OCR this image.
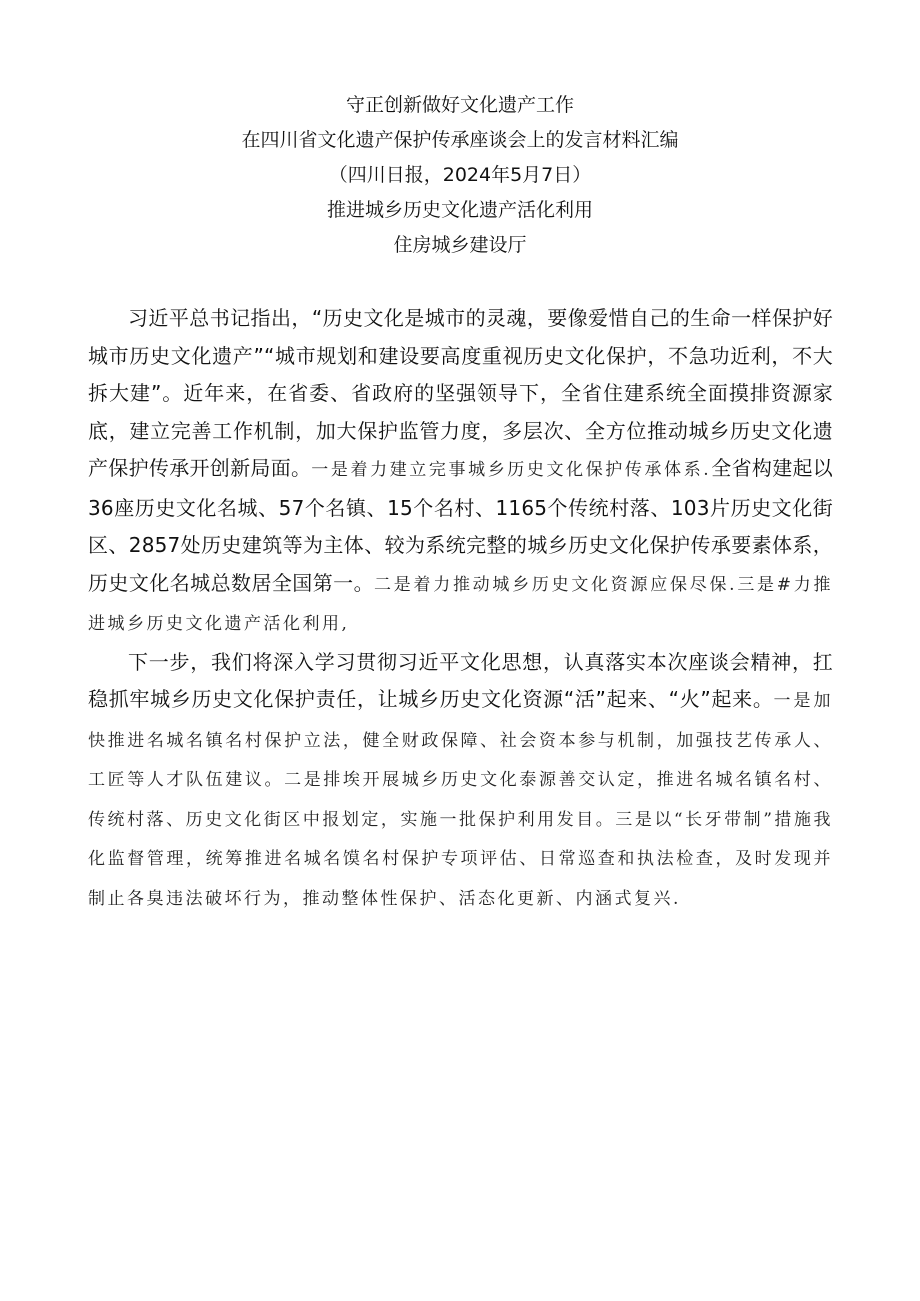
守正创新做好文化遗产工作
在四川省文化遗产保护传承座谈会上的发言材料汇编
（四川日报，2024年5月7日）
推进城乡历史文化遗产活化利用
住房城乡建设厅

习近平总书记指出，“历史文化是城市的灵魂，要像爱惜自己的生命一样保护好城市历史文化遗产”“城市规划和建设要高度重视历史文化保护，不急功近利，不大拆大建”。近年来，在省委、省政府的坚强领导下，全省住建系统全面摸排资源家底，建立完善工作机制，加大保护监管力度，多层次、全方位推动城乡历史文化遗产保护传承开创新局面。一是着力建立完事城乡历史文化保护传承体系.全省构建起以36座历史文化名城、57个名镇、15个名村、1165个传统村落、103片历史文化街区、2857处历史建筑等为主体、较为系统完整的城乡历史文化保护传承要素体系，历史文化名城总数居全国第一。二是着力推动城乡历史文化资源应保尽保.三是#力推进城乡历史文化遗产活化利用,

下一步，我们将深入学习贯彻习近平文化思想，认真落实本次座谈会精神，扛稳抓牢城乡历史文化保护责任，让城乡历史文化资源“活”起来、“火”起来。一是加快推进名城名镇名村保护立法，健全财政保障、社会资本参与机制，加强技艺传承人、工匠等人才队伍建议。二是排埃开展城乡历史文化泰源善交认定，推进名城名镇名村、传统村落、历史文化街区中报划定，实施一批保护利用发目。三是以“长牙带制”措施我化监督管理，统筹推进名城名馍名村保护专项评估、日常巡查和执法检查，及时发现并制止各臭违法破坏行为，推动整体性保护、活态化更新、内涵式复兴.
